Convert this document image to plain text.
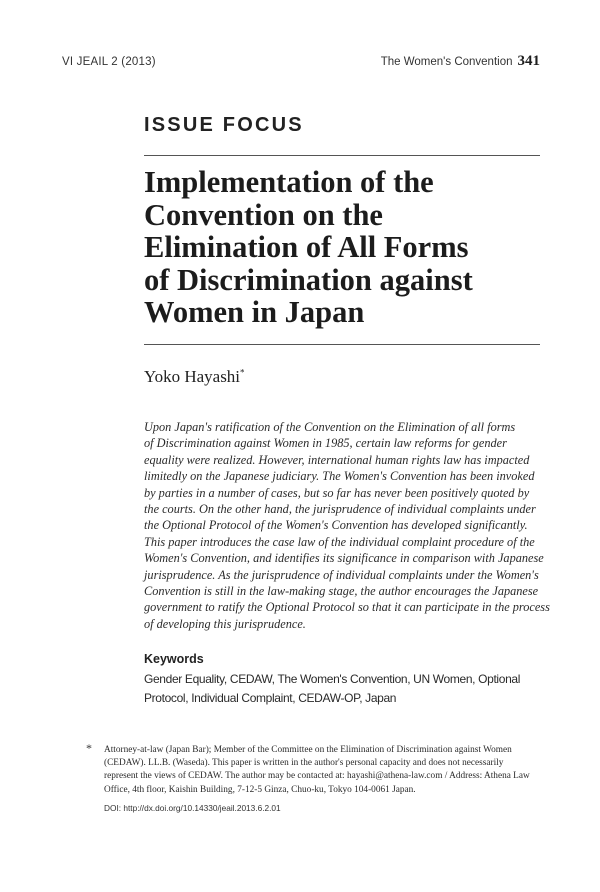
VI JEAIL 2 (2013)	The Women's Convention 341
ISSUE FOCUS
Implementation of the
Convention on the
Elimination of All Forms
of Discrimination against
Women in Japan
Yoko Hayashi*
Upon Japan's ratification of the Convention on the Elimination of all forms
of Discrimination against Women in 1985, certain law reforms for gender
equality were realized. However, international human rights law has impacted
limitedly on the Japanese judiciary. The Women's Convention has been invoked
by parties in a number of cases, but so far has never been positively quoted by
the courts. On the other hand, the jurisprudence of individual complaints under
the Optional Protocol of the Women's Convention has developed significantly.
This paper introduces the case law of the individual complaint procedure of the
Women's Convention, and identifies its significance in comparison with Japanese
jurisprudence. As the jurisprudence of individual complaints under the Women's
Convention is still in the law-making stage, the author encourages the Japanese
government to ratify the Optional Protocol so that it can participate in the process
of developing this jurisprudence.
Keywords
Gender Equality, CEDAW, The Women's Convention, UN Women, Optional
Protocol, Individual Complaint, CEDAW-OP, Japan
* Attorney-at-law (Japan Bar); Member of the Committee on the Elimination of Discrimination against Women
(CEDAW). LL.B. (Waseda). This paper is written in the author's personal capacity and does not necessarily
represent the views of CEDAW. The author may be contacted at: hayashi@athena-law.com / Address: Athena Law
Office, 4th floor, Kaishin Building, 7-12-5 Ginza, Chuo-ku, Tokyo 104-0061 Japan.
DOI: http://dx.doi.org/10.14330/jeail.2013.6.2.01
